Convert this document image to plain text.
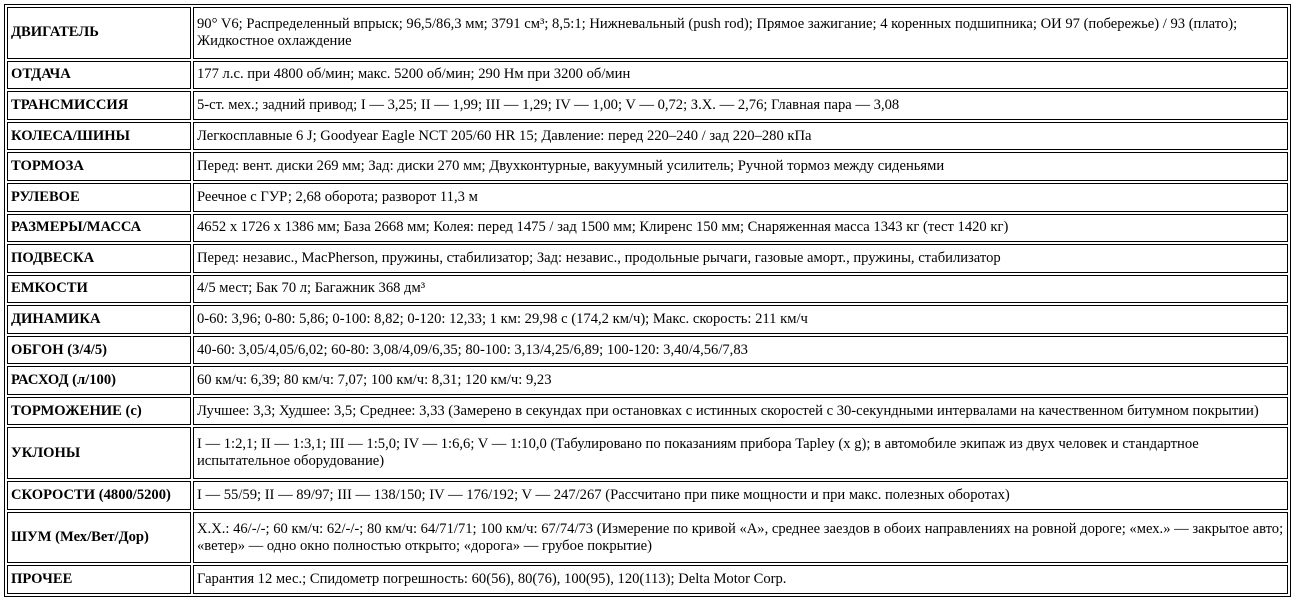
ДВИГАТЕЛЬ	90° V6; Распределенный впрыск; 96,5/86,3 мм; 3791 см³; 8,5:1; Нижневальный (push rod); Прямое зажигание; 4 коренных подшипника; ОИ 97 (побережье) / 93 (плато); Жидкостное охлаждение
ОТДАЧА	177 л.с. при 4800 об/мин; макс. 5200 об/мин; 290 Нм при 3200 об/мин
ТРАНСМИССИЯ	5-ст. мех.; задний привод; I — 3,25; II — 1,99; III — 1,29; IV — 1,00; V — 0,72; З.Х. — 2,76; Главная пара — 3,08
КОЛЕСА/ШИНЫ	Легкосплавные 6 J; Goodyear Eagle NCT 205/60 HR 15; Давление: перед 220–240 / зад 220–280 кПа
ТОРМОЗА	Перед: вент. диски 269 мм; Зад: диски 270 мм; Двухконтурные, вакуумный усилитель; Ручной тормоз между сиденьями
РУЛЕВОЕ	Реечное с ГУР; 2,68 оборота; разворот 11,3 м
РАЗМЕРЫ/МАССА	4652 x 1726 x 1386 мм; База 2668 мм; Колея: перед 1475 / зад 1500 мм; Клиренс 150 мм; Снаряженная масса 1343 кг (тест 1420 кг)
ПОДВЕСКА	Перед: независ., MacPherson, пружины, стабилизатор; Зад: независ., продольные рычаги, газовые аморт., пружины, стабилизатор
ЕМКОСТИ	4/5 мест; Бак 70 л; Багажник 368 дм³
ДИНАМИКА	0-60: 3,96; 0-80: 5,86; 0-100: 8,82; 0-120: 12,33; 1 км: 29,98 с (174,2 км/ч); Макс. скорость: 211 км/ч
ОБГОН (3/4/5)	40-60: 3,05/4,05/6,02; 60-80: 3,08/4,09/6,35; 80-100: 3,13/4,25/6,89; 100-120: 3,40/4,56/7,83
РАСХОД (л/100)	60 км/ч: 6,39; 80 км/ч: 7,07; 100 км/ч: 8,31; 120 км/ч: 9,23
ТОРМОЖЕНИЕ (с)	Лучшее: 3,3; Худшее: 3,5; Среднее: 3,33 (Замерено в секундах при остановках с истинных скоростей с 30-секундными интервалами на качественном битумном покрытии)
УКЛОНЫ	I — 1:2,1; II — 1:3,1; III — 1:5,0; IV — 1:6,6; V — 1:10,0 (Табулировано по показаниям прибора Tapley (x g); в автомобиле экипаж из двух человек и стандартное испытательное оборудование)
СКОРОСТИ (4800/5200)	I — 55/59; II — 89/97; III — 138/150; IV — 176/192; V — 247/267 (Рассчитано при пике мощности и при макс. полезных оборотах)
ШУМ (Мех/Вет/Дор)	Х.Х.: 46/-/-; 60 км/ч: 62/-/-; 80 км/ч: 64/71/71; 100 км/ч: 67/74/73 (Измерение по кривой «А», среднее заездов в обоих направлениях на ровной дороге; «мех.» — закрытое авто; «ветер» — одно окно полностью открыто; «дорога» — грубое покрытие)
ПРОЧЕЕ	Гарантия 12 мес.; Спидометр погрешность: 60(56), 80(76), 100(95), 120(113); Delta Motor Corp.
